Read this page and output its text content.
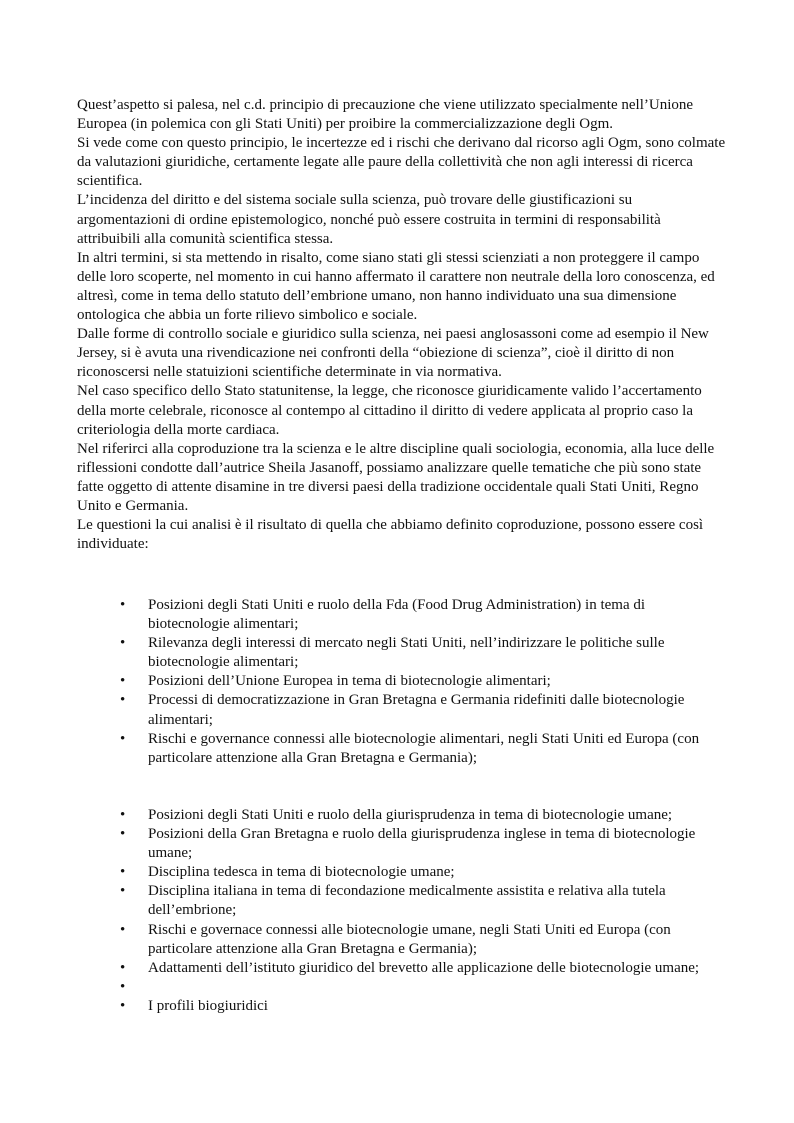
Quest’aspetto si palesa, nel c.d. principio di precauzione che viene utilizzato specialmente nell’Unione Europea (in polemica con gli Stati Uniti) per proibire la commercializzazione degli Ogm.

Si vede come con questo principio, le incertezze ed i rischi che derivano dal ricorso agli Ogm, sono colmate da valutazioni giuridiche, certamente legate alle paure della collettività che non agli interessi di ricerca scientifica.

L’incidenza del diritto e del sistema sociale sulla scienza, può trovare delle giustificazioni su argomentazioni di ordine epistemologico, nonché può essere costruita in termini di responsabilità attribuibili alla comunità scientifica stessa.

In altri termini, si sta mettendo in risalto, come siano stati gli stessi scienziati a non proteggere il campo delle loro scoperte, nel momento in cui hanno affermato il carattere non neutrale della loro conoscenza, ed altresì, come in tema dello statuto dell’embrione umano, non hanno individuato una sua dimensione ontologica che abbia un forte rilievo simbolico e sociale.

Dalle forme di controllo sociale e giuridico sulla scienza, nei paesi anglosassoni come ad esempio il New Jersey, si è avuta una rivendicazione nei confronti della “obiezione di scienza”, cioè il diritto di non riconoscersi nelle statuizioni scientifiche determinate in via normativa.

Nel caso specifico dello Stato statunitense, la legge, che riconosce giuridicamente valido l’accertamento della morte celebrale, riconosce al contempo al cittadino il diritto di vedere applicata al proprio caso la criteriologia della morte cardiaca.

Nel riferirci alla coproduzione tra la scienza e le altre discipline quali sociologia, economia, alla luce delle riflessioni condotte dall’autrice Sheila Jasanoff, possiamo analizzare quelle tematiche che più sono state fatte oggetto di attente disamine in tre diversi paesi della tradizione occidentale quali Stati Uniti, Regno Unito e Germania.

Le questioni la cui analisi è il risultato di quella che abbiamo definito coproduzione, possono essere così individuate:

• Posizioni degli Stati Uniti e ruolo della Fda (Food Drug Administration) in tema di biotecnologie alimentari;
• Rilevanza degli interessi di mercato negli Stati Uniti, nell’indirizzare le politiche sulle biotecnologie alimentari;
• Posizioni dell’Unione Europea in tema di biotecnologie alimentari;
• Processi di democratizzazione in Gran Bretagna e Germania ridefiniti dalle biotecnologie alimentari;
• Rischi e governance connessi alle biotecnologie alimentari, negli Stati Uniti ed Europa (con particolare attenzione alla Gran Bretagna e Germania);
• Posizioni degli Stati Uniti e ruolo della giurisprudenza in tema di biotecnologie umane;
• Posizioni della Gran Bretagna e ruolo della giurisprudenza inglese in tema di biotecnologie umane;
• Disciplina tedesca in tema di biotecnologie umane;
• Disciplina italiana in tema di fecondazione medicalmente assistita e relativa alla tutela dell’embrione;
• Rischi e governace connessi alle biotecnologie umane, negli Stati Uniti ed Europa (con particolare attenzione alla Gran Bretagna e Germania);
• Adattamenti dell’istituto giuridico del brevetto alle applicazione delle biotecnologie umane;
•
• I profili biogiuridici
